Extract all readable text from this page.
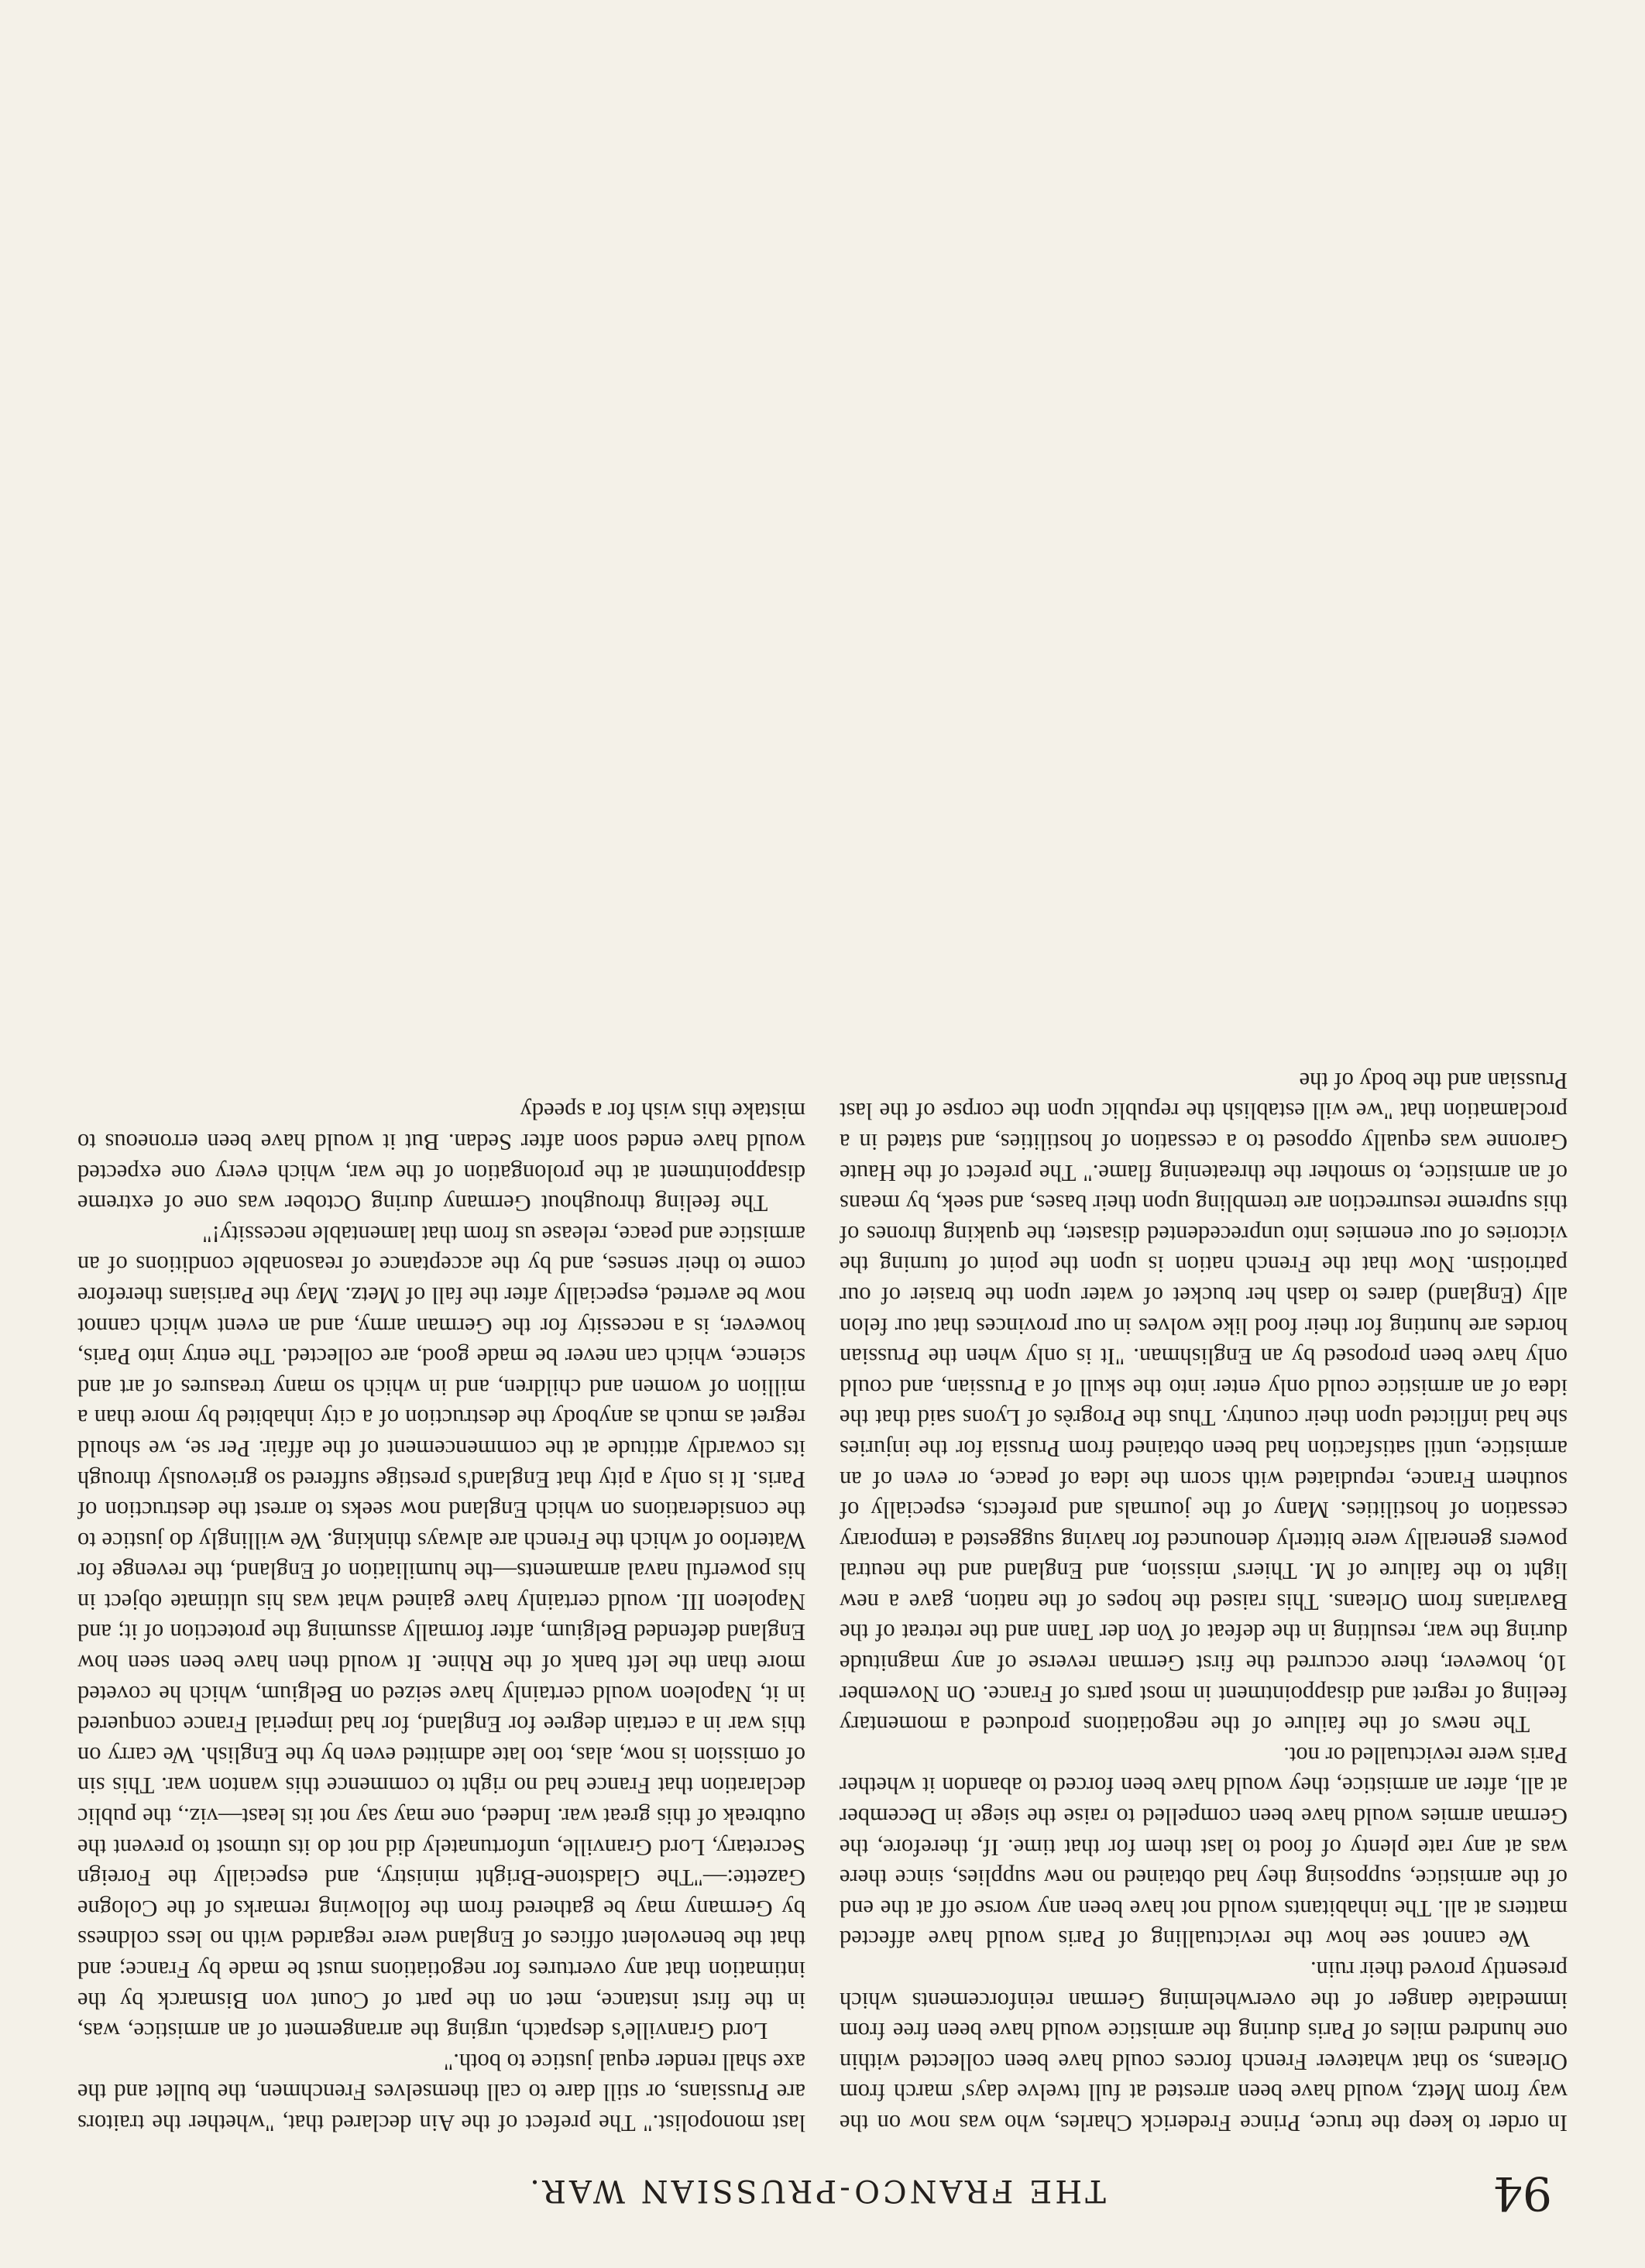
94
THE FRANCO-PRUSSIAN WAR.

In order to keep the truce, Prince Frederick Charles, who was now on the way from Metz, would have been arrested at full twelve days' march from Orleans, so that whatever French forces could have been collected within one hundred miles of Paris during the armistice would have been free from immediate danger of the overwhelming German reinforcements which presently proved their ruin.

We cannot see how the revictualling of Paris would have affected matters at all. The inhabitants would not have been any worse off at the end of the armistice, supposing they had obtained no new supplies, since there was at any rate plenty of food to last them for that time. If, therefore, the German armies would have been compelled to raise the siege in December at all, after an armistice, they would have been forced to abandon it whether Paris were revictualled or not.

The news of the failure of the negotiations produced a momentary feeling of regret and disappointment in most parts of France. On November 10, however, there occurred the first German reverse of any magnitude during the war, resulting in the defeat of Von der Tann and the retreat of the Bavarians from Orleans. This raised the hopes of the nation, gave a new light to the failure of M. Thiers' mission, and England and the neutral powers generally were bitterly denounced for having suggested a temporary cessation of hostilities. Many of the journals and prefects, especially of southern France, repudiated with scorn the idea of peace, or even of an armistice, until satisfaction had been obtained from Prussia for the injuries she had inflicted upon their country. Thus the Progrès of Lyons said that the idea of an armistice could only enter into the skull of a Prussian, and could only have been proposed by an Englishman. "It is only when the Prussian hordes are hunting for their food like wolves in our provinces that our felon ally (England) dares to dash her bucket of water upon the brasier of our patriotism. Now that the French nation is upon the point of turning the victories of our enemies into unprecedented disaster, the quaking thrones of this supreme resurrection are trembling upon their bases, and seek, by means of an armistice, to smother the threatening flame." The prefect of the Haute Garonne was equally opposed to a cessation of hostilities, and stated in a proclamation that "we will establish the republic upon the corpse of the last Prussian and the body of the

last monopolist." The prefect of the Ain declared that, "whether the traitors are Prussians, or still dare to call themselves Frenchmen, the bullet and the axe shall render equal justice to both."

Lord Granville's despatch, urging the arrangement of an armistice, was, in the first instance, met on the part of Count von Bismarck by the intimation that any overtures for negotiations must be made by France; and that the benevolent offices of England were regarded with no less coldness by Germany may be gathered from the following remarks of the Cologne Gazette:—"The Gladstone-Bright ministry, and especially the Foreign Secretary, Lord Granville, unfortunately did not do its utmost to prevent the outbreak of this great war. Indeed, one may say not its least—viz., the public declaration that France had no right to commence this wanton war. This sin of omission is now, alas, too late admitted even by the English. We carry on this war in a certain degree for England, for had imperial France conquered in it, Napoleon would certainly have seized on Belgium, which he coveted more than the left bank of the Rhine. It would then have been seen how England defended Belgium, after formally assuming the protection of it; and Napoleon III. would certainly have gained what was his ultimate object in his powerful naval armaments—the humiliation of England, the revenge for Waterloo of which the French are always thinking. We willingly do justice to the considerations on which England now seeks to arrest the destruction of Paris. It is only a pity that England's prestige suffered so grievously through its cowardly attitude at the commencement of the affair. Per se, we should regret as much as anybody the destruction of a city inhabited by more than a million of women and children, and in which so many treasures of art and science, which can never be made good, are collected. The entry into Paris, however, is a necessity for the German army, and an event which cannot now be averted, especially after the fall of Metz. May the Parisians therefore come to their senses, and by the acceptance of reasonable conditions of an armistice and peace, release us from that lamentable necessity!"

The feeling throughout Germany during October was one of extreme disappointment at the prolongation of the war, which every one expected would have ended soon after Sedan. But it would have been erroneous to mistake this wish for a speedy
